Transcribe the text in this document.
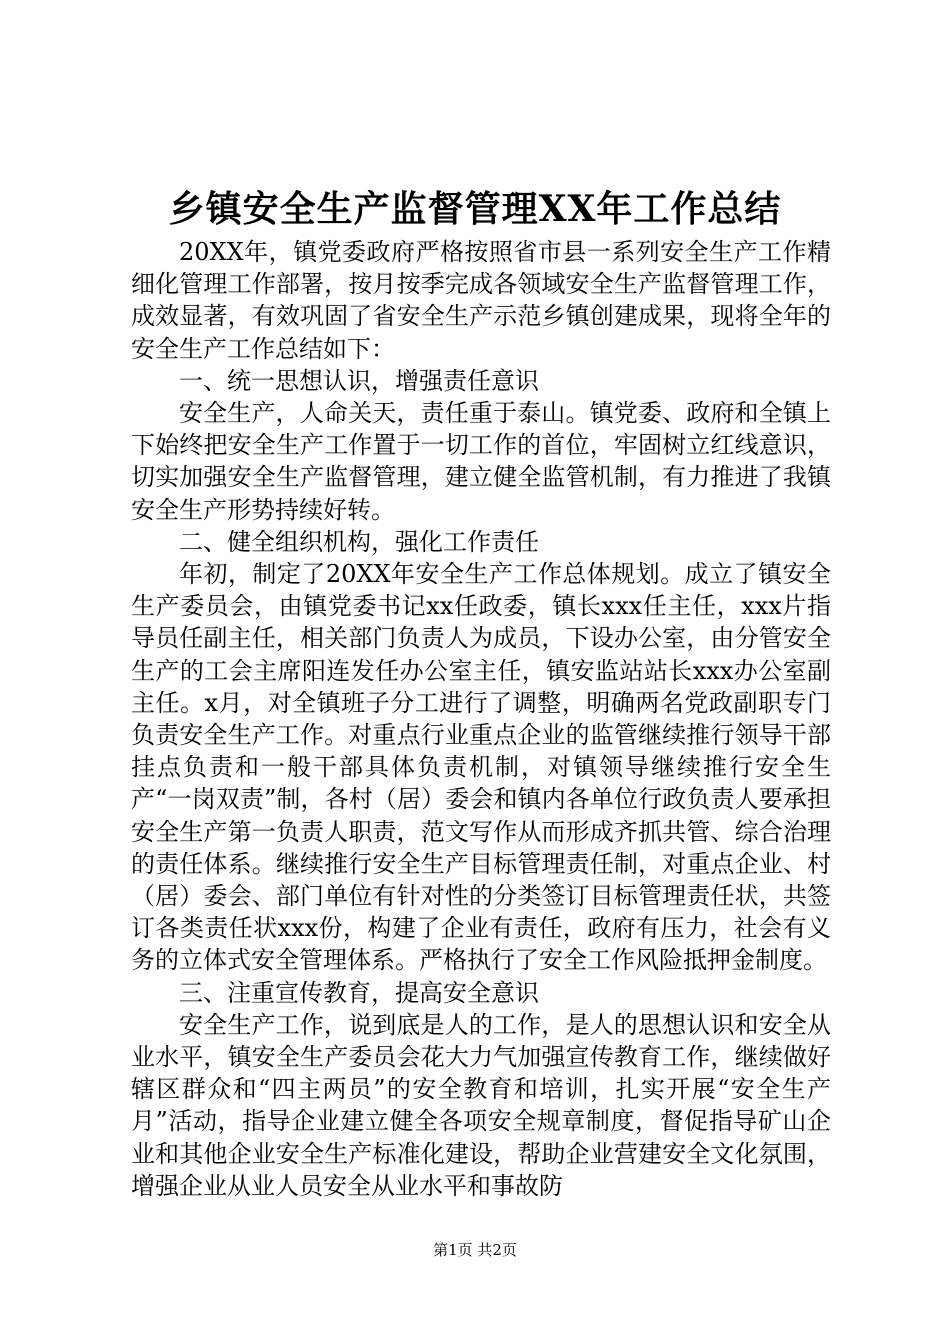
乡镇安全生产监督管理XX年工作总结

20XX年，镇党委政府严格按照省市县一系列安全生产工作精细化管理工作部署，按月按季完成各领域安全生产监督管理工作，成效显著，有效巩固了省安全生产示范乡镇创建成果，现将全年的安全生产工作总结如下：

一、统一思想认识，增强责任意识

安全生产，人命关天，责任重于泰山。镇党委、政府和全镇上下始终把安全生产工作置于一切工作的首位，牢固树立红线意识，切实加强安全生产监督管理，建立健全监管机制，有力推进了我镇安全生产形势持续好转。

二、健全组织机构，强化工作责任

年初，制定了20XX年安全生产工作总体规划。成立了镇安全生产委员会，由镇党委书记xx任政委，镇长xxx任主任，xxx片指导员任副主任，相关部门负责人为成员，下设办公室，由分管安全生产的工会主席阳连发任办公室主任，镇安监站站长xxx办公室副主任。x月，对全镇班子分工进行了调整，明确两名党政副职专门负责安全生产工作。对重点行业重点企业的监管继续推行领导干部挂点负责和一般干部具体负责机制，对镇领导继续推行安全生产“一岗双责”制，各村（居）委会和镇内各单位行政负责人要承担安全生产第一负责人职责，范文写作从而形成齐抓共管、综合治理的责任体系。继续推行安全生产目标管理责任制，对重点企业、村（居）委会、部门单位有针对性的分类签订目标管理责任状，共签订各类责任状xxx份，构建了企业有责任，政府有压力，社会有义务的立体式安全管理体系。严格执行了安全工作风险抵押金制度。

三、注重宣传教育，提高安全意识

安全生产工作，说到底是人的工作，是人的思想认识和安全从业水平，镇安全生产委员会花大力气加强宣传教育工作，继续做好辖区群众和“四主两员”的安全教育和培训，扎实开展“安全生产月”活动，指导企业建立健全各项安全规章制度，督促指导矿山企业和其他企业安全生产标准化建设，帮助企业营建安全文化氛围，增强企业从业人员安全从业水平和事故防

第1页 共2页
